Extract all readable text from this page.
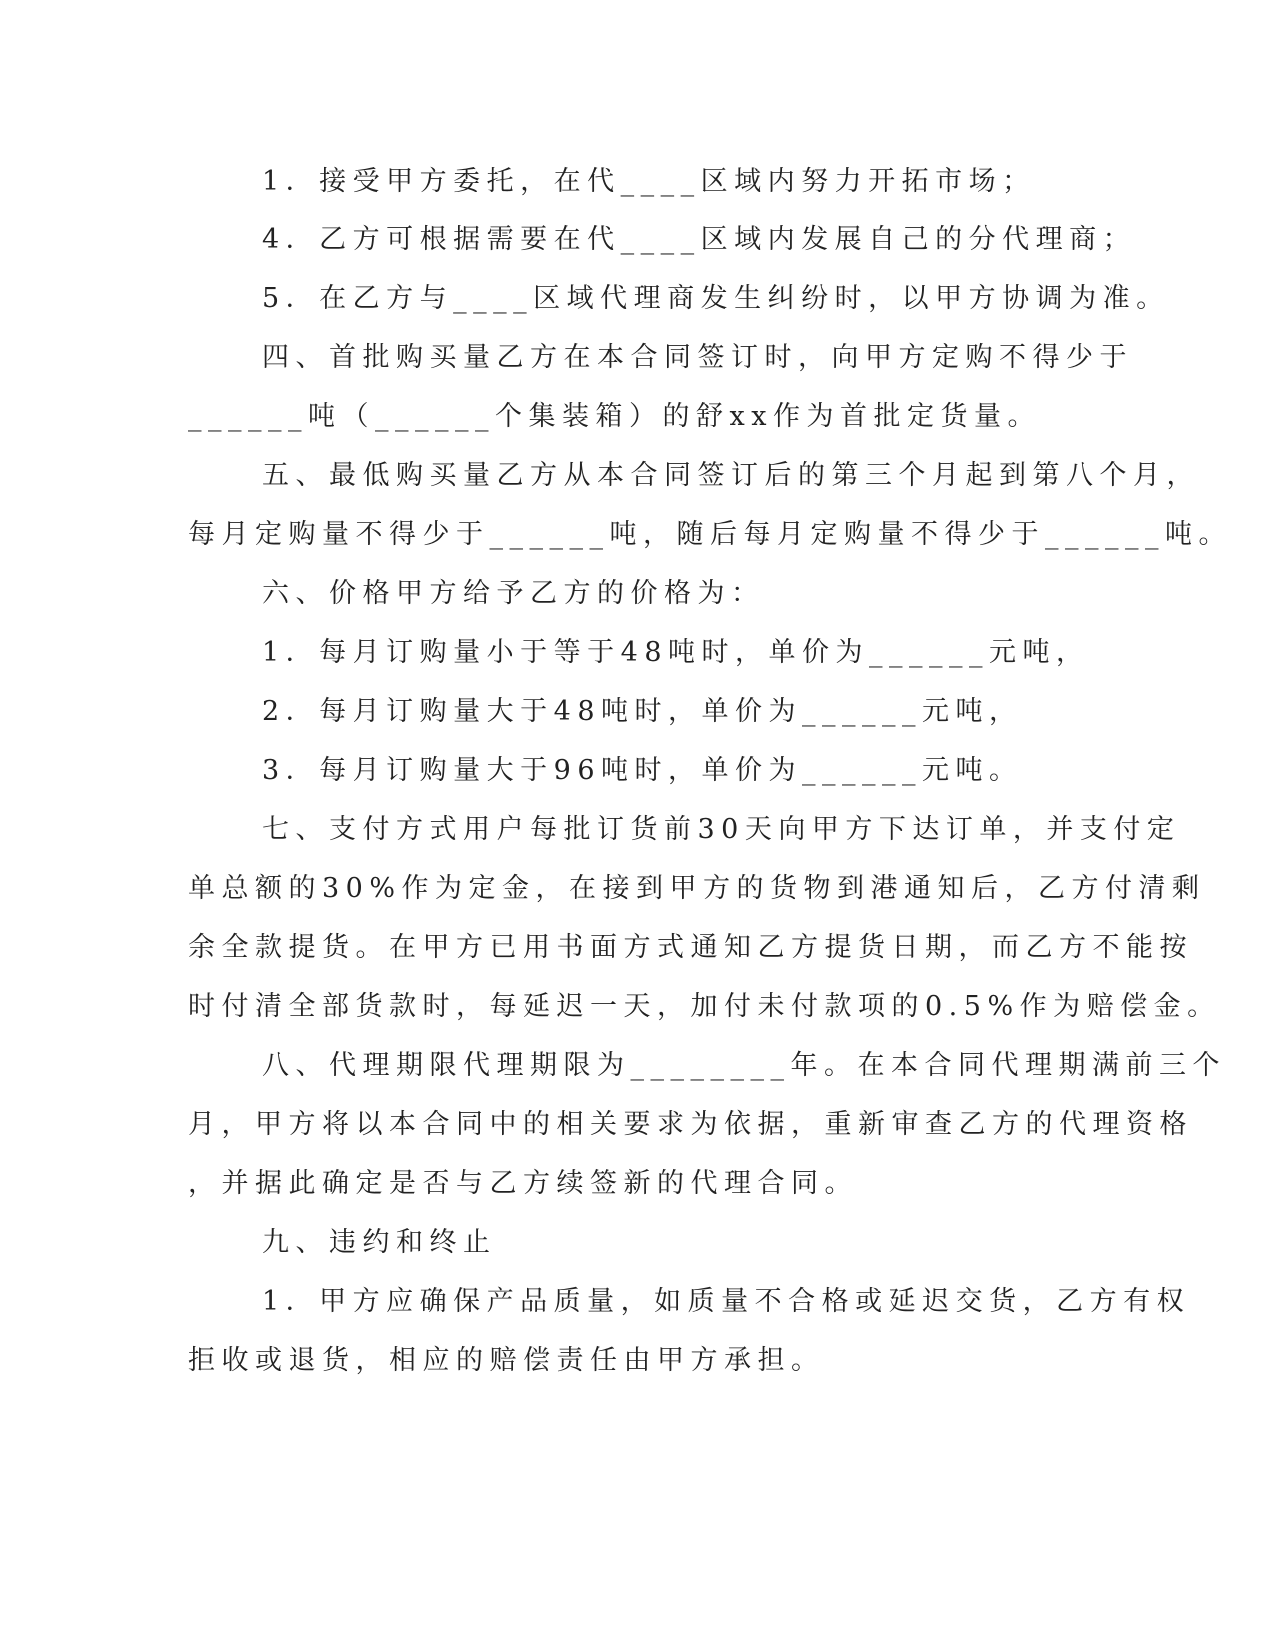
1．接受甲方委托，在代____区域内努力开拓市场；
4．乙方可根据需要在代____区域内发展自己的分代理商；
5．在乙方与____区域代理商发生纠纷时，以甲方协调为准。
四、首批购买量乙方在本合同签订时，向甲方定购不得少于
______吨（______个集装箱）的舒xx作为首批定货量。
五、最低购买量乙方从本合同签订后的第三个月起到第八个月，
每月定购量不得少于______吨，随后每月定购量不得少于______吨。
六、价格甲方给予乙方的价格为：
1．每月订购量小于等于48吨时，单价为______元吨，
2．每月订购量大于48吨时，单价为______元吨，
3．每月订购量大于96吨时，单价为______元吨。
七、支付方式用户每批订货前30天向甲方下达订单，并支付定
单总额的30%作为定金，在接到甲方的货物到港通知后，乙方付清剩
余全款提货。在甲方已用书面方式通知乙方提货日期，而乙方不能按
时付清全部货款时，每延迟一天，加付未付款项的0.5%作为赔偿金。
八、代理期限代理期限为________年。在本合同代理期满前三个
月，甲方将以本合同中的相关要求为依据，重新审查乙方的代理资格
，并据此确定是否与乙方续签新的代理合同。
九、违约和终止
1．甲方应确保产品质量，如质量不合格或延迟交货，乙方有权
拒收或退货，相应的赔偿责任由甲方承担。
